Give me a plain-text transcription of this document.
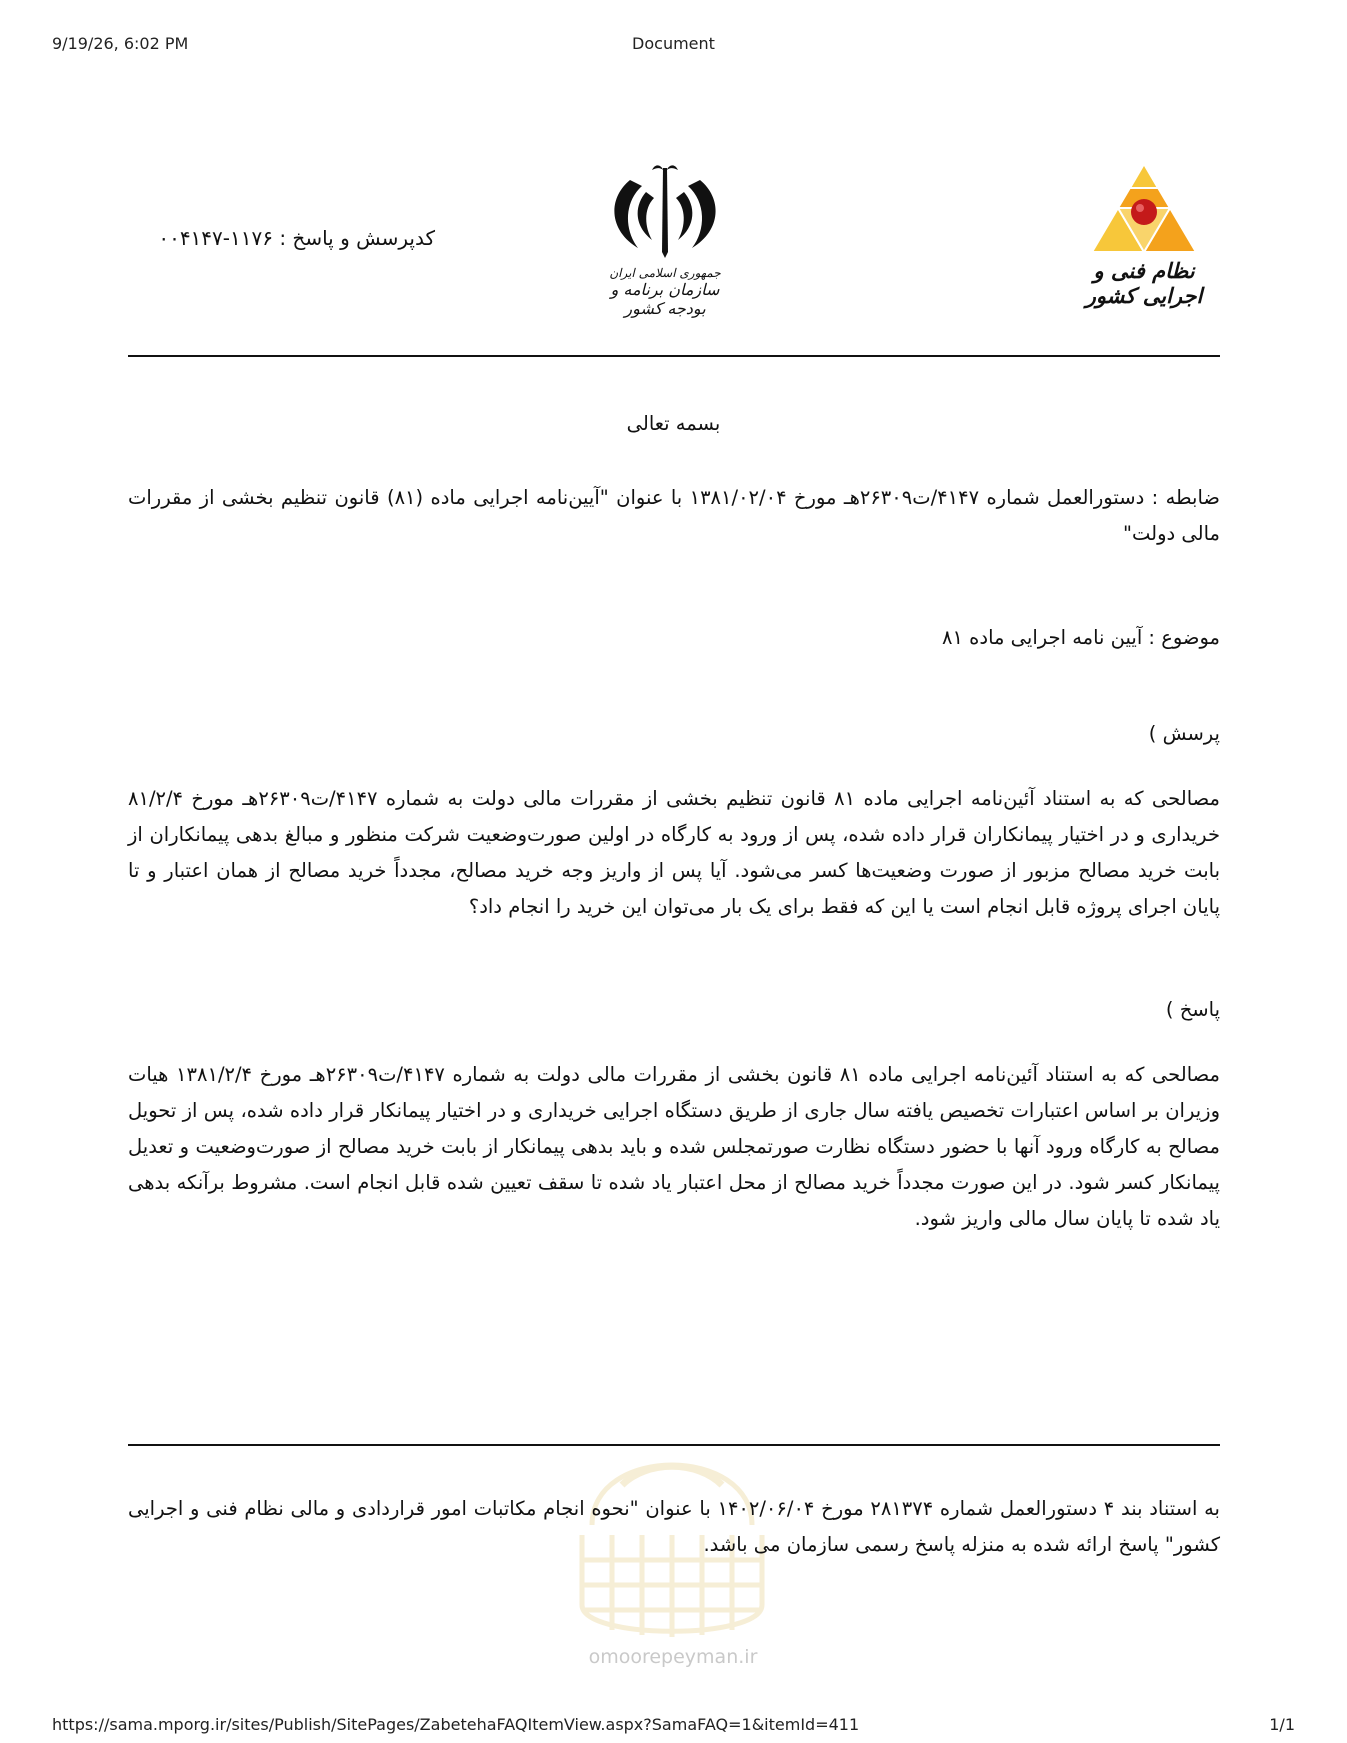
9/19/26, 6:02 PM	Document
کدپرسش و پاسخ : ۱۱۷۶-۰۰۴۱۴۷
جمهوری اسلامی ایران
سازمان برنامه و بودجه کشور
نظام فنی و اجرایی کشور
بسمه تعالی
ضابطه : دستورالعمل شماره ۴۱۴۷/ت۲۶۳۰۹هـ مورخ ۱۳۸۱/۰۲/۰۴ با عنوان "آیین‌نامه اجرایی ماده (۸۱) قانون تنظیم بخشی از مقررات مالی دولت"
موضوع : آیین نامه اجرایی ماده ۸۱
پرسش )
مصالحی که به استناد آئین‌نامه اجرایی ماده ۸۱ قانون تنظیم بخشی از مقررات مالی دولت به شماره ۴۱۴۷/ت۲۶۳۰۹هـ مورخ ۸۱/۲/۴ خریداری و در اختیار پیمانکاران قرار داده شده، پس از ورود به کارگاه در اولین صورت‌وضعیت شرکت منظور و مبالغ بدهی پیمانکاران از بابت خرید مصالح مزبور از صورت وضعیت‌ها کسر می‌شود. آیا پس از واریز وجه خرید مصالح، مجدداً خرید مصالح از همان اعتبار و تا پایان اجرای پروژه قابل انجام است یا این که فقط برای یک بار می‌توان این خرید را انجام داد؟
پاسخ )
مصالحی که به استناد آئین‌نامه اجرایی ماده ۸۱ قانون بخشی از مقررات مالی دولت به شماره ۴۱۴۷/ت۲۶۳۰۹هـ مورخ ۱۳۸۱/۲/۴ هیات وزیران بر اساس اعتبارات تخصیص یافته سال جاری از طریق دستگاه اجرایی خریداری و در اختیار پیمانکار قرار داده شده، پس از تحویل مصالح به کارگاه ورود آنها با حضور دستگاه نظارت صورتمجلس شده و باید بدهی پیمانکار از بابت خرید مصالح از صورت‌وضعیت و تعدیل پیمانکار کسر شود. در این صورت مجدداً خرید مصالح از محل اعتبار یاد شده تا سقف تعیین شده قابل انجام است. مشروط برآنکه بدهی یاد شده تا پایان سال مالی واریز شود.
به استناد بند ۴ دستورالعمل شماره ۲۸۱۳۷۴ مورخ ۱۴۰۲/۰۶/۰۴ با عنوان "نحوه انجام مکاتبات امور قراردادی و مالی نظام فنی و اجرایی کشور" پاسخ ارائه شده به منزله پاسخ رسمی سازمان می باشد.
omoorepeyman.ir
https://sama.mporg.ir/sites/Publish/SitePages/ZabetehaFAQItemView.aspx?SamaFAQ=1&itemId=411	1/1
